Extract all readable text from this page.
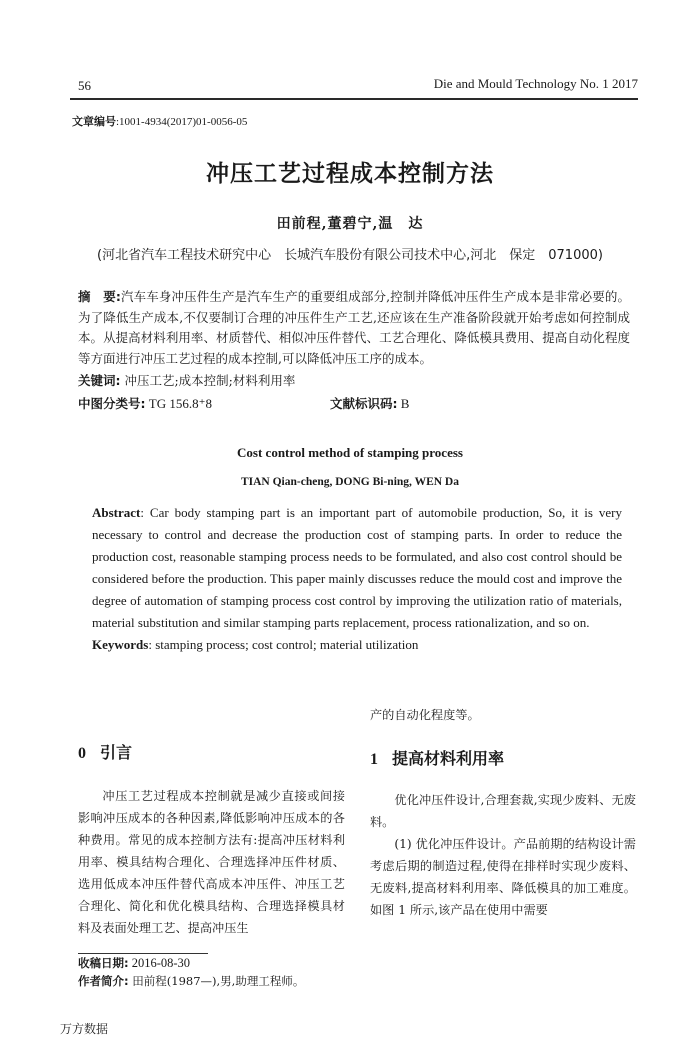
56	Die and Mould Technology No. 1 2017
文章编号:1001-4934(2017)01-0056-05
冲压工艺过程成本控制方法
田前程,董碧宁,温　达
(河北省汽车工程技术研究中心　长城汽车股份有限公司技术中心,河北　保定　071000)

摘　要:汽车车身冲压件生产是汽车生产的重要组成部分,控制并降低冲压件生产成本是非常必要的。为了降低生产成本,不仅要制订合理的冲压件生产工艺,还应该在生产准备阶段就开始考虑如何控制成本。从提高材料利用率、材质替代、相似冲压件替代、工艺合理化、降低模具费用、提高自动化程度等方面进行冲压工艺过程的成本控制,可以降低冲压工序的成本。

关键词: 冲压工艺;成本控制;材料利用率

中图分类号: TG 156.8⁺8	文献标识码: B
Cost control method of stamping process
TIAN Qian-cheng, DONG Bi-ning, WEN Da

Abstract: Car body stamping part is an important part of automobile production, So, it is very necessary to control and decrease the production cost of stamping parts. In order to reduce the production cost, reasonable stamping process needs to be formulated, and also cost control should be considered before the production. This paper mainly discusses reduce the mould cost and improve the degree of automation of stamping process cost control by improving the utilization ratio of materials, material substitution and similar stamping parts replacement, process rationalization, and so on.

Keywords: stamping process; cost control; material utilization

0 引言

冲压工艺过程成本控制就是减少直接或间接影响冲压成本的各种因素,降低影响冲压成本的各种费用。常见的成本控制方法有:提高冲压材料利用率、模具结构合理化、合理选择冲压件材质、选用低成本冲压件替代高成本冲压件、冲压工艺合理化、简化和优化模具结构、合理选择模具材料及表面处理工艺、提高冲压生

收稿日期: 2016-08-30
作者简介: 田前程(1987—),男,助理工程师。

产的自动化程度等。

1 提高材料利用率

优化冲压件设计,合理套裁,实现少废料、无废料。

(1) 优化冲压件设计。产品前期的结构设计需考虑后期的制造过程,使得在排样时实现少废料、无废料,提高材料利用率、降低模具的加工难度。如图 1 所示,该产品在使用中需要

万方数据
